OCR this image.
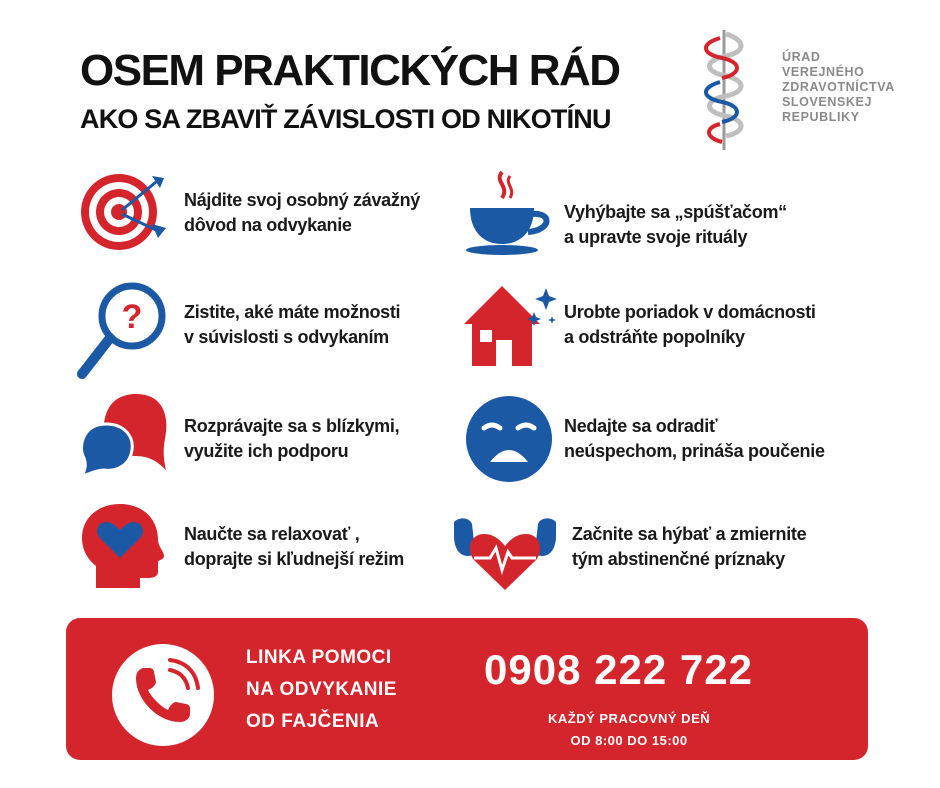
OSEM PRAKTICKÝCH RÁD
AKO SA ZBAVIŤ ZÁVISLOSTI OD NIKOTÍNU
ÚRAD
VEREJNÉHO
ZDRAVOTNÍCTVA
SLOVENSKEJ
REPUBLIKY
Nájdite svoj osobný závažný
dôvod na odvykanie
Vyhýbajte sa „spúšťačom“
a upravte svoje rituály
? Zistite, aké máte možnosti
v súvislosti s odvykaním
Urobte poriadok v domácnosti
a odstráňte popolníky
Rozprávajte sa s blízkymi,
využite ich podporu
Nedajte sa odradiť
neúspechom, prináša poučenie
Naučte sa relaxovať ,
doprajte si kľudnejší režim
Začnite sa hýbať a zmiernite
tým abstinenčné príznaky
LINKA POMOCI
NA ODVYKANIE
OD FAJČENIA
0908 222 722
KAŽDÝ PRACOVNÝ DEŇ
OD 8:00 DO 15:00
